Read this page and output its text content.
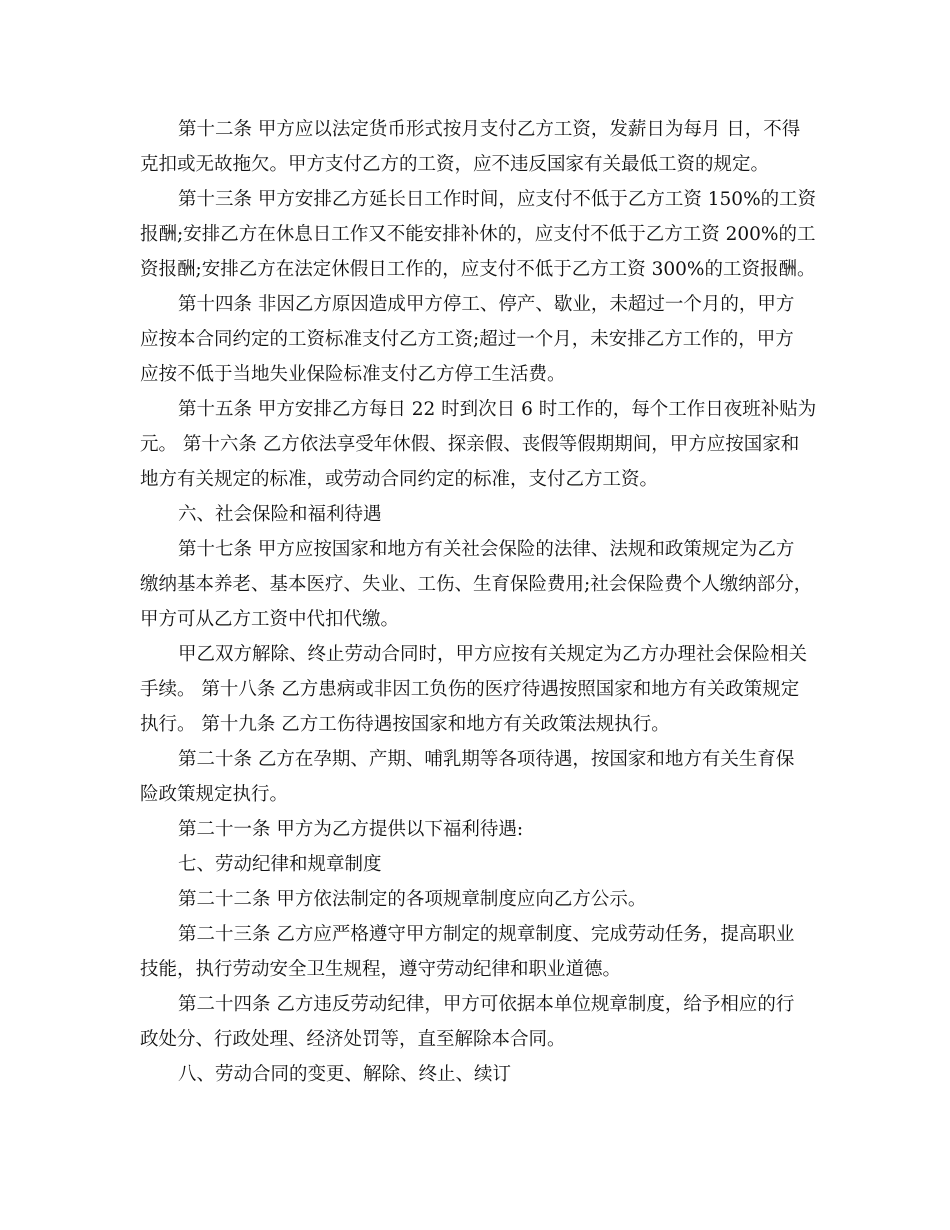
第十二条 甲方应以法定货币形式按月支付乙方工资，发薪日为每月 日，不得
克扣或无故拖欠。甲方支付乙方的工资，应不违反国家有关最低工资的规定。
第十三条 甲方安排乙方延长日工作时间，应支付不低于乙方工资 150%的工资
报酬;安排乙方在休息日工作又不能安排补休的，应支付不低于乙方工资 200%的工
资报酬;安排乙方在法定休假日工作的，应支付不低于乙方工资 300%的工资报酬。
第十四条 非因乙方原因造成甲方停工、停产、歇业，未超过一个月的，甲方
应按本合同约定的工资标准支付乙方工资;超过一个月，未安排乙方工作的，甲方
应按不低于当地失业保险标准支付乙方停工生活费。
第十五条 甲方安排乙方每日 22 时到次日 6 时工作的，每个工作日夜班补贴为
元。 第十六条 乙方依法享受年休假、探亲假、丧假等假期期间，甲方应按国家和
地方有关规定的标准，或劳动合同约定的标准，支付乙方工资。
六、社会保险和福利待遇
第十七条 甲方应按国家和地方有关社会保险的法律、法规和政策规定为乙方
缴纳基本养老、基本医疗、失业、工伤、生育保险费用;社会保险费个人缴纳部分，
甲方可从乙方工资中代扣代缴。
甲乙双方解除、终止劳动合同时，甲方应按有关规定为乙方办理社会保险相关
手续。 第十八条 乙方患病或非因工负伤的医疗待遇按照国家和地方有关政策规定
执行。 第十九条 乙方工伤待遇按国家和地方有关政策法规执行。
第二十条 乙方在孕期、产期、哺乳期等各项待遇，按国家和地方有关生育保
险政策规定执行。
第二十一条 甲方为乙方提供以下福利待遇:
七、劳动纪律和规章制度
第二十二条 甲方依法制定的各项规章制度应向乙方公示。
第二十三条 乙方应严格遵守甲方制定的规章制度、完成劳动任务，提高职业
技能，执行劳动安全卫生规程，遵守劳动纪律和职业道德。
第二十四条 乙方违反劳动纪律，甲方可依据本单位规章制度，给予相应的行
政处分、行政处理、经济处罚等，直至解除本合同。
八、劳动合同的变更、解除、终止、续订
